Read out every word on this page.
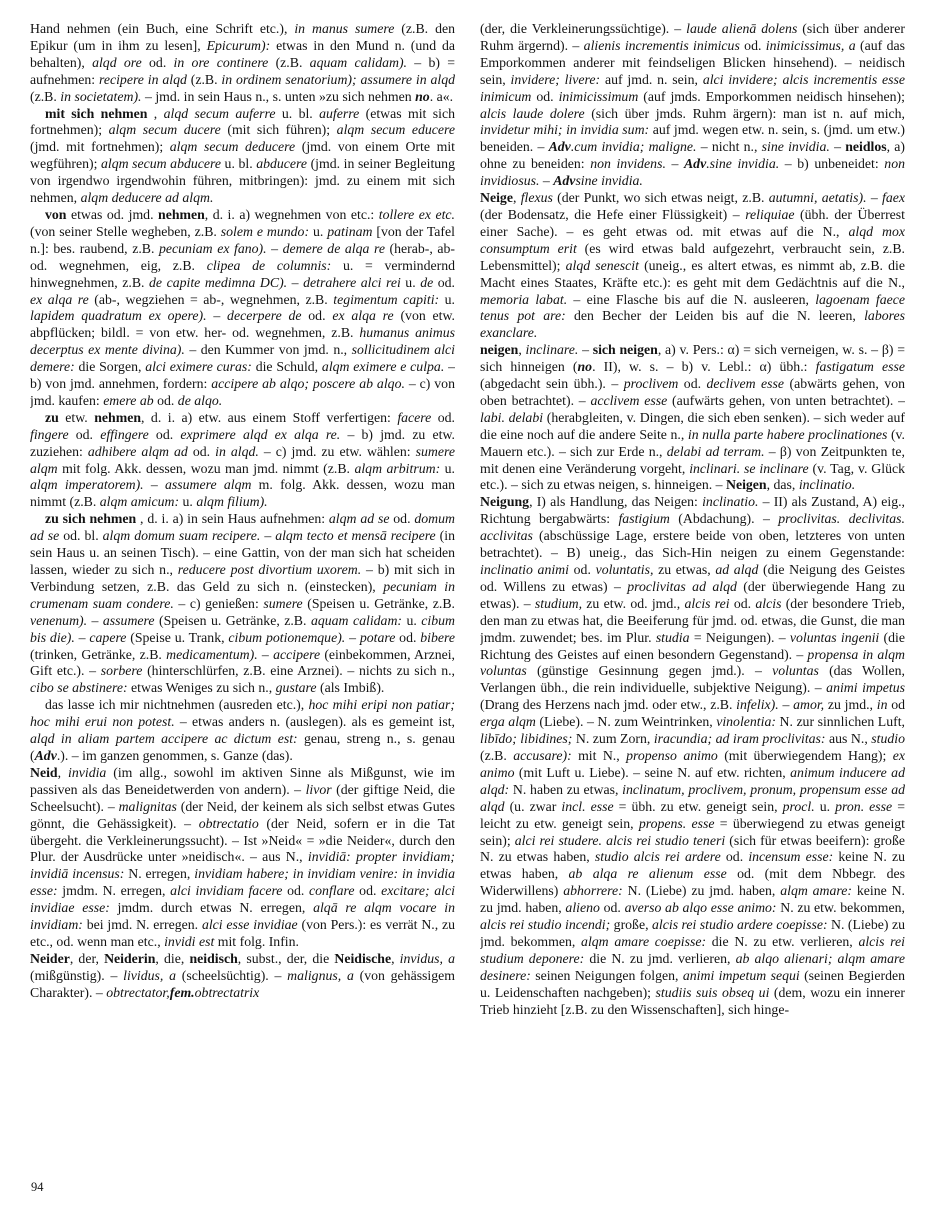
Hand nehmen (ein Buch, eine Schrift etc.), in manus sumere (z.B. den Epikur (um in ihm zu lesen], Epicurum): etwas in den Mund n. (und da behalten), alqd ore od. in ore continere (z.B. aquam calidam). – b) = aufnehmen: recipere in alqd (z.B. in ordinem senatorium); assumere in alqd (z.B. in societatem). – jmd. in sein Haus n., s. unten »zu sich nehmen no. a«.

mit sich nehmen , alqd secum auferre u. bl. auferre (etwas mit sich fortnehmen); alqm secum ducere (mit sich führen); alqm secum educere (jmd. mit fortnehmen); alqm secum deducere (jmd. von einem Orte mit wegführen); alqm secum abducere u. bl. abducere (jmd. in seiner Begleitung von irgendwo irgendwohin führen, mitbringen): jmd. zu einem mit sich nehmen, alqm deducere ad alqm.

von etwas od. jmd. nehmen, d. i. a) wegnehmen von etc.: tollere ex etc. (von seiner Stelle wegheben, z.B. solem e mundo: u. patinam [von der Tafel n.]: bes. raubend, z.B. pecuniam ex fano). – demere de alqa re (herab-, ab- od. wegnehmen, eig, z.B. clipea de columnis: u. = vermindernd hinwegnehmen, z.B. de capite medimna DC). – detrahere alci rei u. de od. ex alqa re (ab-, wegziehen = ab-, wegnehmen, z.B. tegimentum capiti: u. lapidem quadratum ex opere). – decerpere de od. ex alqa re (von etw. abpflücken; bildl. = von etw. her- od. wegnehmen, z.B. humanus animus decerptus ex mente divina). – den Kummer von jmd. n., sollicitudinem alci demere: die Sorgen, alci eximere curas: die Schuld, alqm eximere e culpa. – b) von jmd. annehmen, fordern: accipere ab alqo; poscere ab alqo. – c) von jmd. kaufen: emere ab od. de alqo.

zu etw. nehmen, d. i. a) etw. aus einem Stoff verfertigen: facere od. fingere od. effingere od. exprimere alqd ex alqa re. – b) jmd. zu etw. zuziehen: adhibere alqm ad od. in alqd. – c) jmd. zu etw. wählen: sumere alqm mit folg. Akk. dessen, wozu man jmd. nimmt (z.B. alqm arbitrum: u. alqm imperatorem). – assumere alqm m. folg. Akk. dessen, wozu man nimmt (z.B. alqm amicum: u. alqm filium).

zu sich nehmen , d. i. a) in sein Haus aufnehmen: alqm ad se od. domum ad se od. bl. alqm domum suam recipere. – alqm tecto et mensā recipere (in sein Haus u. an seinen Tisch). – eine Gattin, von der man sich hat scheiden lassen, wieder zu sich n., reducere post divortium uxorem. – b) mit sich in Verbindung setzen, z.B. das Geld zu sich n. (einstecken), pecuniam in crumenam suam condere. – c) genießen: sumere (Speisen u. Getränke, z.B. venenum). – assumere (Speisen u. Getränke, z.B. aquam calidam: u. cibum bis die). – capere (Speise u. Trank, cibum potionemque). – potare od. bibere (trinken, Getränke, z.B. medicamentum). – accipere (einbekommen, Arznei, Gift etc.). – sorbere (hinterschlürfen, z.B. eine Arznei). – nichts zu sich n., cibo se abstinere: etwas Weniges zu sich n., gustare (als Imbiß).

das lasse ich mir nichtnehmen (ausreden etc.), hoc mihi eripi non patiar; hoc mihi erui non potest. – etwas anders n. (auslegen). als es gemeint ist, alqd in aliam partem accipere ac dictum est: genau, streng n., s. genau (Adv.). – im ganzen genommen, s. Ganze (das).

Neid, invidia (im allg., sowohl im aktiven Sinne als Mißgunst, wie im passiven als das Beneidetwerden von andern). – livor (der giftige Neid, die Scheelsucht). – malignitas (der Neid, der keinem als sich selbst etwas Gutes gönnt, die Gehässigkeit). – obtrectatio (der Neid, sofern er in die Tat übergeht. die Verkleinerungssucht). – Ist »Neid« = »die Neider«, durch den Plur. der Ausdrücke unter »neidisch«. – aus N., invidiā: propter invidiam; invidiā incensus: N. erregen, invidiam habere; in invidiam venire: in invidia esse: jmdm. N. erregen, alci invidiam facere od. conflare od. excitare; alci invidiae esse: jmdm. durch etwas N. erregen, alqā re alqm vocare in invidiam: bei jmd. N. erregen. alci esse invidiae (von Pers.): es verrät N., zu etc., od. wenn man etc., invidi est mit folg. Infin.

Neider, der, Neiderin, die, neidisch, subst., der, die Neidische, invidus, a (mißgünstig). – lividus, a (scheelsüchtig). – malignus, a (von gehässigem Charakter). – obtrectator,fem.obtrectatrix

(der, die Verkleinerungssüchtige). – laude alienā dolens (sich über anderer Ruhm ärgernd). – alienis incrementis inimicus od. inimicissimus, a (auf das Emporkommen anderer mit feindseligen Blicken hinsehend). – neidisch sein, invidere; livere: auf jmd. n. sein, alci invidere; alcis incrementis esse inimicum od. inimicissimum (auf jmds. Emporkommen neidisch hinsehen); alcis laude dolere (sich über jmds. Ruhm ärgern): man ist n. auf mich, invidetur mihi; in invidia sum: auf jmd. wegen etw. n. sein, s. (jmd. um etw.) beneiden. – Adv.cum invidia; maligne. – nicht n., sine invidia. – neidlos, a) ohne zu beneiden: non invidens. – Adv.sine invidia. – b) unbeneidet: non invidiosus. – Advsine invidia.

Neige, flexus (der Punkt, wo sich etwas neigt, z.B. autumni, aetatis). – faex (der Bodensatz, die Hefe einer Flüssigkeit) – reliquiae (übh. der Überrest einer Sache). – es geht etwas od. mit etwas auf die N., alqd mox consumptum erit (es wird etwas bald aufgezehrt, verbraucht sein, z.B. Lebensmittel); alqd senescit (uneig., es altert etwas, es nimmt ab, z.B. die Macht eines Staates, Kräfte etc.): es geht mit dem Gedächtnis auf die N., memoria labat. – eine Flasche bis auf die N. ausleeren, lagoenam faece tenus pot are: den Becher der Leiden bis auf die N. leeren, labores exanclare.

neigen, inclinare. – sich neigen, a) v. Pers.: α) = sich verneigen, w. s. – β) = sich hinneigen (no. II), w. s. – b) v. Lebl.: α) übh.: fastigatum esse (abgedacht sein übh.). – proclivem od. declivem esse (abwärts gehen, von oben betrachtet). – acclivem esse (aufwärts gehen, von unten betrachtet). – labi. delabi (herabgleiten, v. Dingen, die sich eben senken). – sich weder auf die eine noch auf die andere Seite n., in nulla parte habere proclinationes (v. Mauern etc.). – sich zur Erde n., delabi ad terram. – β) von Zeitpunkten te, mit denen eine Veränderung vorgeht, inclinari. se inclinare (v. Tag, v. Glück etc.). – sich zu etwas neigen, s. hinneigen. – Neigen, das, inclinatio.

Neigung, I) als Handlung, das Neigen: inclinatio. – II) als Zustand, A) eig., Richtung bergabwärts: fastigium (Abdachung). – proclivitas. declivitas. acclivitas (abschüssige Lage, erstere beide von oben, letzteres von unten betrachtet). – B) uneig., das Sich-Hin neigen zu einem Gegenstande: inclinatio animi od. voluntatis, zu etwas, ad alqd (die Neigung des Geistes od. Willens zu etwas) – proclivitas ad alqd (der überwiegende Hang zu etwas). – studium, zu etw. od. jmd., alcis rei od. alcis (der besondere Trieb, den man zu etwas hat, die Beeiferung für jmd. od. etwas, die Gunst, die man jmdm. zuwendet; bes. im Plur. studia = Neigungen). – voluntas ingenii (die Richtung des Geistes auf einen besondern Gegenstand). – propensa in alqm voluntas (günstige Gesinnung gegen jmd.). – voluntas (das Wollen, Verlangen übh., die rein individuelle, subjektive Neigung). – animi impetus (Drang des Herzens nach jmd. oder etw., z.B. infelix). – amor, zu jmd., in od erga alqm (Liebe). – N. zum Weintrinken, vinolentia: N. zur sinnlichen Luft, libīdo; libidines; N. zum Zorn, iracundia; ad iram proclivitas: aus N., studio (z.B. accusare): mit N., propenso animo (mit überwiegendem Hang); ex animo (mit Luft u. Liebe). – seine N. auf etw. richten, animum inducere ad alqd: N. haben zu etwas, inclinatum, proclivem, pronum, propensum esse ad alqd (u. zwar incl. esse = übh. zu etw. geneigt sein, procl. u. pron. esse = leicht zu etw. geneigt sein, propens. esse = überwiegend zu etwas geneigt sein); alci rei studere. alcis rei studio teneri (sich für etwas beeifern): große N. zu etwas haben, studio alcis rei ardere od. incensum esse: keine N. zu etwas haben, ab alqa re alienum esse od. (mit dem Nbbegr. des Widerwillens) abhorrere: N. (Liebe) zu jmd. haben, alqm amare: keine N. zu jmd. haben, alieno od. averso ab alqo esse animo: N. zu etw. bekommen, alcis rei studio incendi; große, alcis rei studio ardere coepisse: N. (Liebe) zu jmd. bekommen, alqm amare coepisse: die N. zu etw. verlieren, alcis rei studium deponere: die N. zu jmd. verlieren, ab alqo alienari; alqm amare desinere: seinen Neigungen folgen, animi impetum sequi (seinen Begierden u. Leidenschaften nachgeben); studiis suis obseq ui (dem, wozu ein innerer Trieb hinzieht [z.B. zu den Wissenschaften], sich hinge-

94
